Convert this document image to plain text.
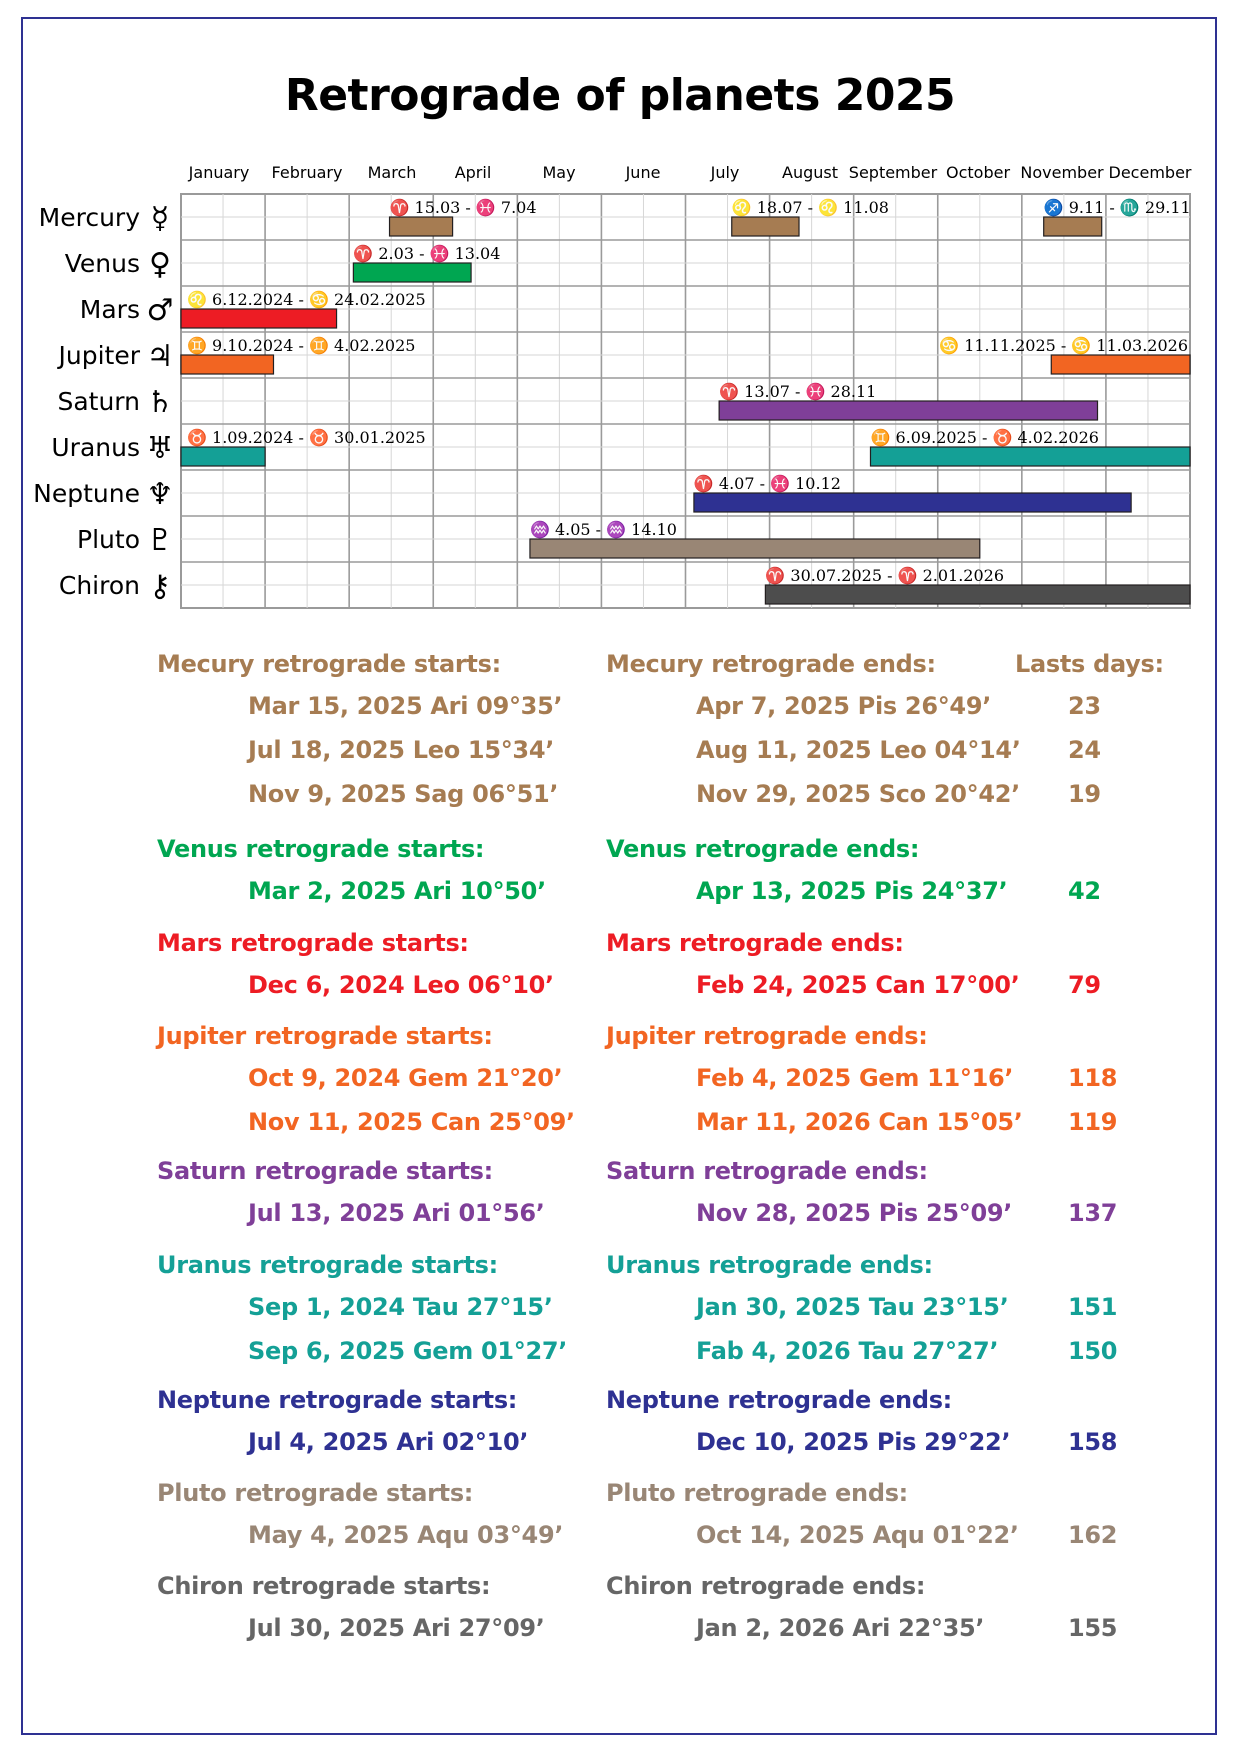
Retrograde of planets 2025
January February March April	May	June	July	August September October November December
Mercury ☿	♈ 15.03 - ♓ 7.04	♌ 18.07 - ♌ 11.08	♐ 9.11 - ♏ 29.11
Venus ♀	♈ 2.03 - ♓ 13.04
Mars ♂ ♌ 6.12.2024 - ♋ 24.02.2025
Jupiter ♃ ♊ 9.10.2024 - ♊ 4.02.2025	♋ 11.11.2025 - ♋ 11.03.2026
Saturn ♄	♈ 13.07 - ♓ 28.11
Uranus ♅ ♉ 1.09.2024 - ♉ 30.01.2025	♊ 6.09.2025 - ♉ 4.02.2026
Neptune ♆	♈ 4.07 - ♓ 10.12
Pluto ♇	♒ 4.05 - ♒ 14.10
Chiron ⚷	♈ 30.07.2025 - ♈ 2.01.2026
Mecury retrograde starts:	Mecury retrograde ends:	Lasts days:
Mar 15, 2025 Ari 09°35’	Apr 7, 2025 Pis 26°49’	23
Jul 18, 2025 Leo 15°34’	Aug 11, 2025 Leo 04°14’ 24
Nov 9, 2025 Sag 06°51’	Nov 29, 2025 Sco 20°42’ 19
Venus retrograde starts:	Venus retrograde ends:
Mar 2, 2025 Ari 10°50’	Apr 13, 2025 Pis 24°37’	42
Mars retrograde starts:	Mars retrograde ends:
Dec 6, 2024 Leo 06°10’	Feb 24, 2025 Can 17°00’ 79
Jupiter retrograde starts:	Jupiter retrograde ends:
Oct 9, 2024 Gem 21°20’	Feb 4, 2025 Gem 11°16’ 118
Nov 11, 2025 Can 25°09’	Mar 11, 2026 Can 15°05’ 119
Saturn retrograde starts:	Saturn retrograde ends:
Jul 13, 2025 Ari 01°56’	Nov 28, 2025 Pis 25°09’ 137
Uranus retrograde starts:	Uranus retrograde ends:
Sep 1, 2024 Tau 27°15’	Jan 30, 2025 Tau 23°15’ 151
Sep 6, 2025 Gem 01°27’	Fab 4, 2026 Tau 27°27’	150
Neptune retrograde starts:	Neptune retrograde ends:
Jul 4, 2025 Ari 02°10’	Dec 10, 2025 Pis 29°22’ 158
Pluto retrograde starts:	Pluto retrograde ends:
May 4, 2025 Aqu 03°49’	Oct 14, 2025 Aqu 01°22’ 162
Chiron retrograde starts:	Chiron retrograde ends:
Jul 30, 2025 Ari 27°09’	Jan 2, 2026 Ari 22°35’	155
